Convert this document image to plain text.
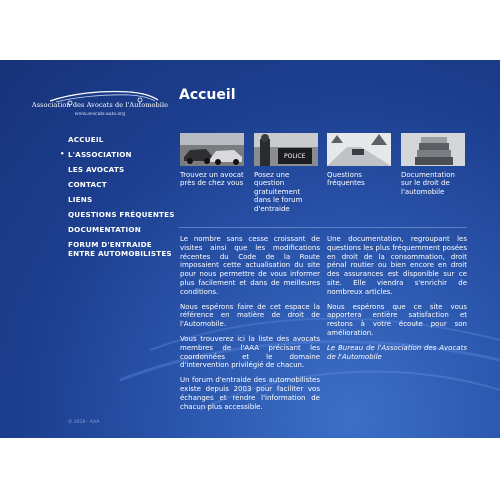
Association des Avocats de l'Automobile
www.avocats-auto.org
ACCUEIL
• L'ASSOCIATION
LES AVOCATS
CONTACT
LIENS
QUESTIONS FRÉQUENTES
DOCUMENTATION
FORUM D'ENTRAIDE ENTRE AUTOMOBILISTES
© 2010 - AAA
Accueil
Trouvez un avocat près de chez vous
POLICE
Posez une question gratuitement dans le forum d'entraide
Questions fréquentes
Documentation sur le droit de l'automobile

Le nombre sans cesse croissant de visites ainsi que les modifications récentes du Code de la Route imposaient cette actualisation du site pour nous permettre de vous informer plus facilement et dans de meilleures conditions.

Nous espérons faire de cet espace la référence en matière de droit de l'Automobile.

Vous trouverez ici la liste des avocats membres de l'AAA précisant les coordonnées et le domaine d'intervention privilégié de chacun.

Un forum d'entraide des automobilistes existe depuis 2003 pour faciliter vos échanges et rendre l'information de chacun plus accessible.

Une documentation, regroupant les questions les plus fréquemment posées en droit de la consommation, droit pénal routier ou bien encore en droit des assurances est disponible sur ce site. Elle viendra s'enrichir de nombreux articles.

Nous espérons que ce site vous apportera entière satisfaction et restons à votre écoute pour son amélioration.

Le Bureau de l'Association des Avocats de l'Automobile
